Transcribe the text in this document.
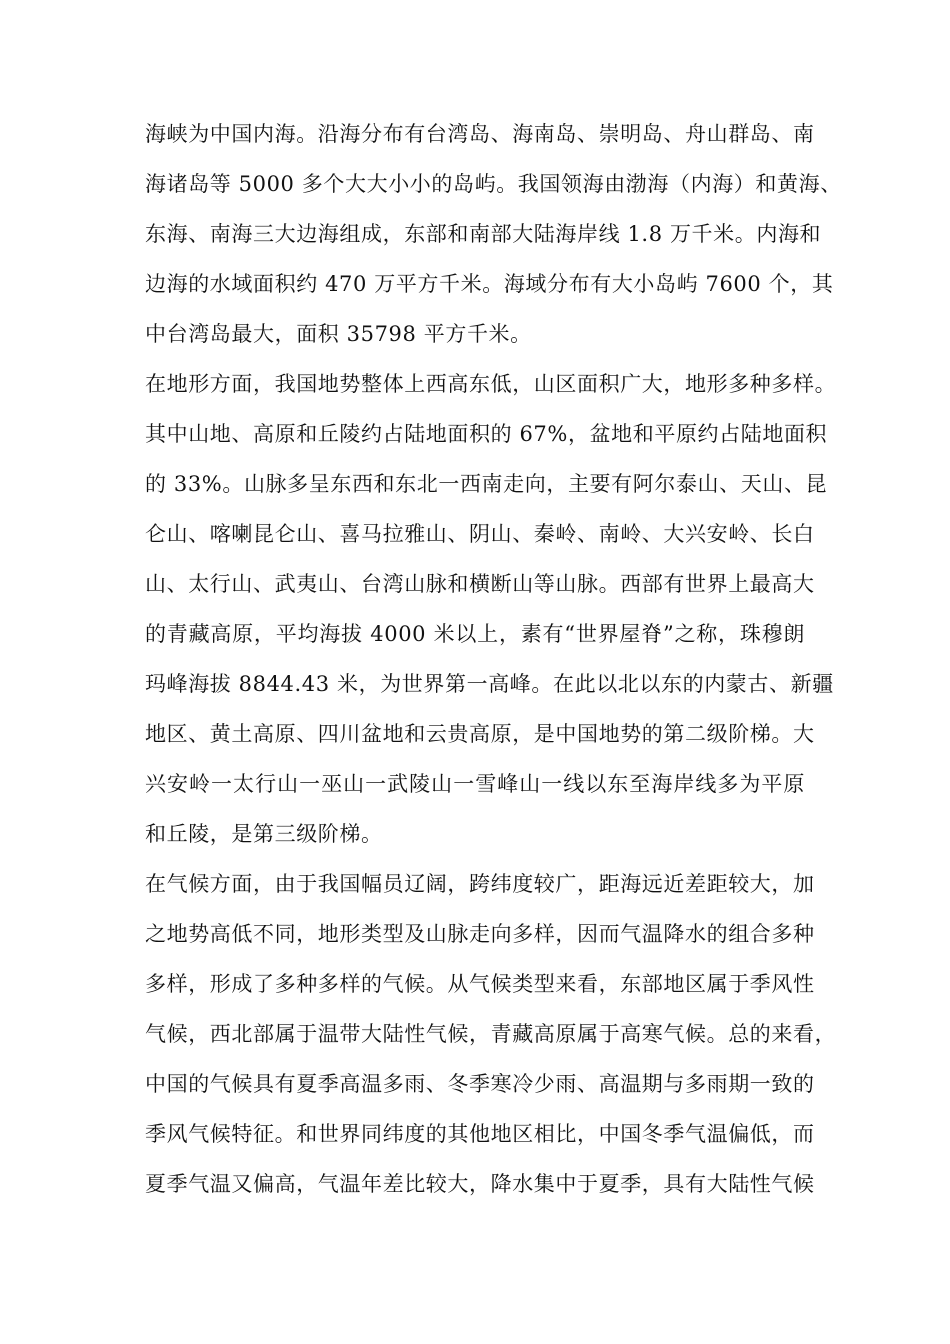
海峡为中国内海。沿海分布有台湾岛、海南岛、崇明岛、舟山群岛、南
海诸岛等 5000 多个大大小小的岛屿。我国领海由渤海（内海）和黄海、
东海、南海三大边海组成，东部和南部大陆海岸线 1.8 万千米。内海和
边海的水域面积约 470 万平方千米。海域分布有大小岛屿 7600 个，其
中台湾岛最大，面积 35798 平方千米。
在地形方面，我国地势整体上西高东低，山区面积广大，地形多种多样。
其中山地、高原和丘陵约占陆地面积的 67%，盆地和平原约占陆地面积
的 33%。山脉多呈东西和东北一西南走向，主要有阿尔泰山、天山、昆
仑山、喀喇昆仑山、喜马拉雅山、阴山、秦岭、南岭、大兴安岭、长白
山、太行山、武夷山、台湾山脉和横断山等山脉。西部有世界上最高大
的青藏高原，平均海拔 4000 米以上，素有“世界屋脊”之称，珠穆朗
玛峰海拔 8844.43 米，为世界第一高峰。在此以北以东的内蒙古、新疆
地区、黄土高原、四川盆地和云贵高原，是中国地势的第二级阶梯。大
兴安岭一太行山一巫山一武陵山一雪峰山一线以东至海岸线多为平原
和丘陵，是第三级阶梯。
在气候方面，由于我国幅员辽阔，跨纬度较广，距海远近差距较大，加
之地势高低不同，地形类型及山脉走向多样，因而气温降水的组合多种
多样，形成了多种多样的气候。从气候类型来看，东部地区属于季风性
气候，西北部属于温带大陆性气候，青藏高原属于高寒气候。总的来看，
中国的气候具有夏季高温多雨、冬季寒冷少雨、高温期与多雨期一致的
季风气候特征。和世界同纬度的其他地区相比，中国冬季气温偏低，而
夏季气温又偏高，气温年差比较大，降水集中于夏季，具有大陆性气候
